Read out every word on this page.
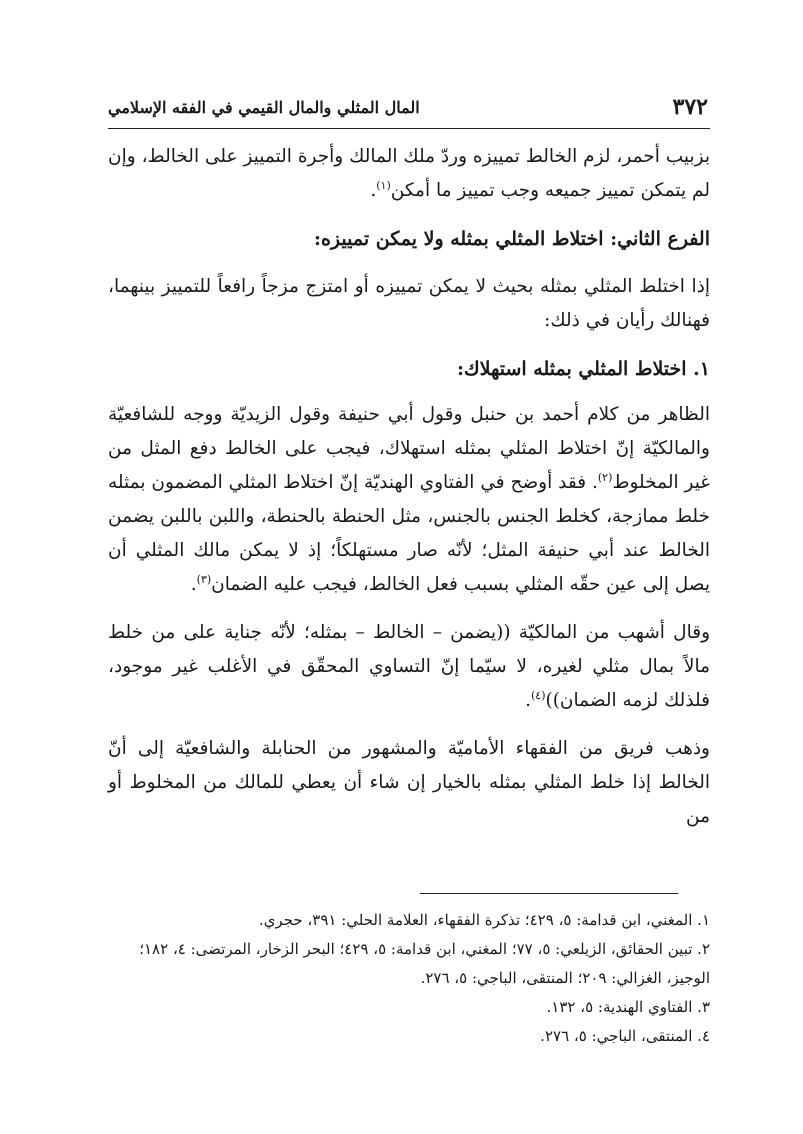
٣٧٢
المال المثلي والمال القيمي في الفقه الإسلامي

بزبيب أحمر، لزم الخالط تمييزه وردّ ملك المالك وأجرة التمييز على الخالط، وإن لم يتمكن تمييز جميعه وجب تمييز ما أمكن$^{(١)}$.

الفرع الثاني: اختلاط المثلي بمثله ولا يمكن تمييزه:

إذا اختلط المثلي بمثله بحيث لا يمكن تمييزه أو امتزج مزجاً رافعاً للتمييز بينهما، فهنالك رأيان في ذلك:

١. اختلاط المثلي بمثله استهلاك:

الظاهر من كلام أحمد بن حنبل وقول أبي حنيفة وقول الزيديّة ووجه للشافعيّة والمالكيّة إنّ اختلاط المثلي بمثله استهلاك، فيجب على الخالط دفع المثل من غير المخلوط$^{(٢)}$. فقد أوضح في الفتاوي الهنديّة إنّ اختلاط المثلي المضمون بمثله خلط ممازجة، كخلط الجنس بالجنس، مثل الحنطة بالحنطة، واللبن باللبن يضمن الخالط عند أبي حنيفة المثل؛ لأنّه صار مستهلكاً؛ إذ لا يمكن مالك المثلي أن يصل إلى عين حقّه المثلي بسبب فعل الخالط، فيجب عليه الضمان$^{(٣)}$.

وقال أشهب من المالكيّة ((يضمن – الخالط – بمثله؛ لأنّه جناية على من خلط مالاً بمال مثلي لغيره، لا سيّما إنّ التساوي المحقّق في الأغلب غير موجود، فلذلك لزمه الضمان))$^{(٤)}$.

وذهب فريق من الفقهاء الأماميّة والمشهور من الحنابلة والشافعيّة إلى أنّ الخالط إذا خلط المثلي بمثله بالخيار إن شاء أن يعطي للمالك من المخلوط أو من

١. المغني، ابن قدامة: ٥، ٤٢٩؛ تذكرة الفقهاء، العلامة الحلي: ٣٩١، حجري.

٢. تبين الحقائق، الزيلعي: ٥، ٧٧؛ المغني، ابن قدامة: ٥، ٤٢٩؛ البحر الزخار، المرتضى: ٤، ١٨٢؛ الوجيز، الغزالي: ٢٠٩؛ المنتقى، الباجي: ٥، ٢٧٦.

٣. الفتاوي الهندية: ٥، ١٣٢.

٤. المنتقى، الباجي: ٥، ٢٧٦.
